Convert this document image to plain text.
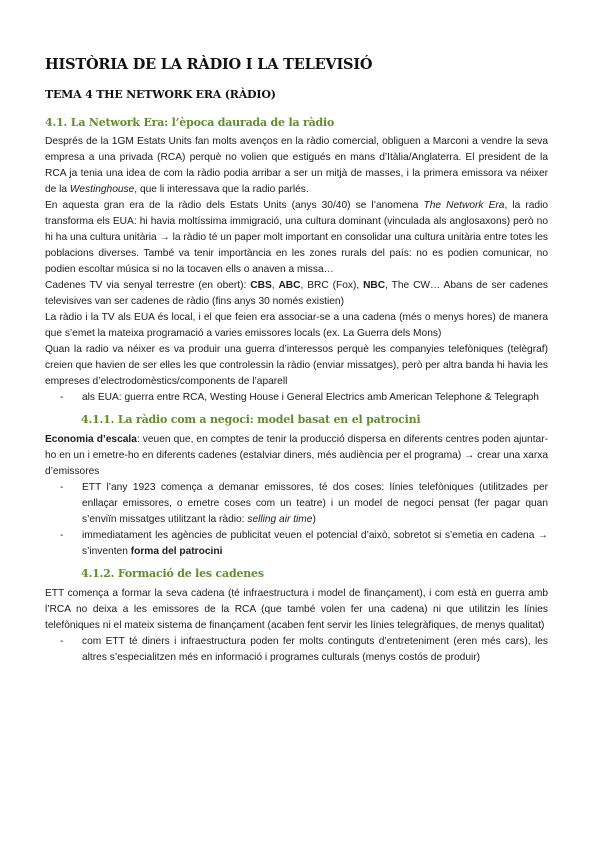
HISTÒRIA DE LA RÀDIO I LA TELEVISIÓ
TEMA 4 THE NETWORK ERA (RÀDIO)
4.1. La Network Era: l’època daurada de la ràdio

Després de la 1GM Estats Units fan molts avenços en la ràdio comercial, obliguen a Marconi a vendre la seva empresa a una privada (RCA) perquè no volien que estigués en mans d’Itàlia/Anglaterra. El president de la RCA ja tenia una idea de com la ràdio podia arribar a ser un mitjà de masses, i la primera emissora va néixer de la Westinghouse, que li interessava que la radio parlés.

En aquesta gran era de la ràdio dels Estats Units (anys 30/40) se l’anomena The Network Era, la radio transforma els EUA: hi havia moltíssima immigració, una cultura dominant (vinculada als anglosaxons) però no hi ha una cultura unitària → la ràdio té un paper molt important en consolidar una cultura unitària entre totes les poblacions diverses. També va tenir importància en les zones rurals del país: no es podien comunicar, no podien escoltar música si no la tocaven ells o anaven a missa…

Cadenes TV via senyal terrestre (en obert): CBS, ABC, BRC (Fox), NBC, The CW… Abans de ser cadenes televisives van ser cadenes de ràdio (fins anys 30 només existien)

La ràdio i la TV als EUA és local, i el que feien era associar-se a una cadena (més o menys hores) de manera que s’emet la mateixa programació a varies emissores locals (ex. La Guerra dels Mons)

Quan la radio va néixer es va produir una guerra d’interessos perquè les companyies telefòniques (telègraf) creien que havien de ser elles les que controlessin la ràdio (enviar missatges), però per altra banda hi havia les empreses d’electrodomèstics/components de l’aparell

- als EUA: guerra entre RCA, Westing House i General Electrics amb American Telephone & Telegraph
4.1.1. La ràdio com a negoci: model basat en el patrocini

Economia d’escala: veuen que, en comptes de tenir la producció dispersa en diferents centres poden ajuntar-ho en un i emetre-ho en diferents cadenes (estalviar diners, més audiència per el programa) → crear una xarxa d’emissores

- ETT l’any 1923 comença a demanar emissores, té dos coses: línies telefòniques (utilitzades per enllaçar emissores, o emetre coses com un teatre) i un model de negoci pensat (fer pagar quan s’enviïn missatges utilitzant la ràdio: selling air time)
- immediatament les agències de publicitat veuen el potencial d’això, sobretot si s’emetia en cadena → s’inventen forma del patrocini
4.1.2. Formació de les cadenes

ETT comença a formar la seva cadena (té infraestructura i model de finançament), i com està en guerra amb l’RCA no deixa a les emissores de la RCA (que també volen fer una cadena) ni que utilitzin les línies telefòniques ni el mateix sistema de finançament (acaben fent servir les línies telegràfiques, de menys qualitat)

- com ETT té diners i infraestructura poden fer molts continguts d’entreteniment (eren més cars), les altres s’especialitzen més en informació i programes culturals (menys costós de produir)
